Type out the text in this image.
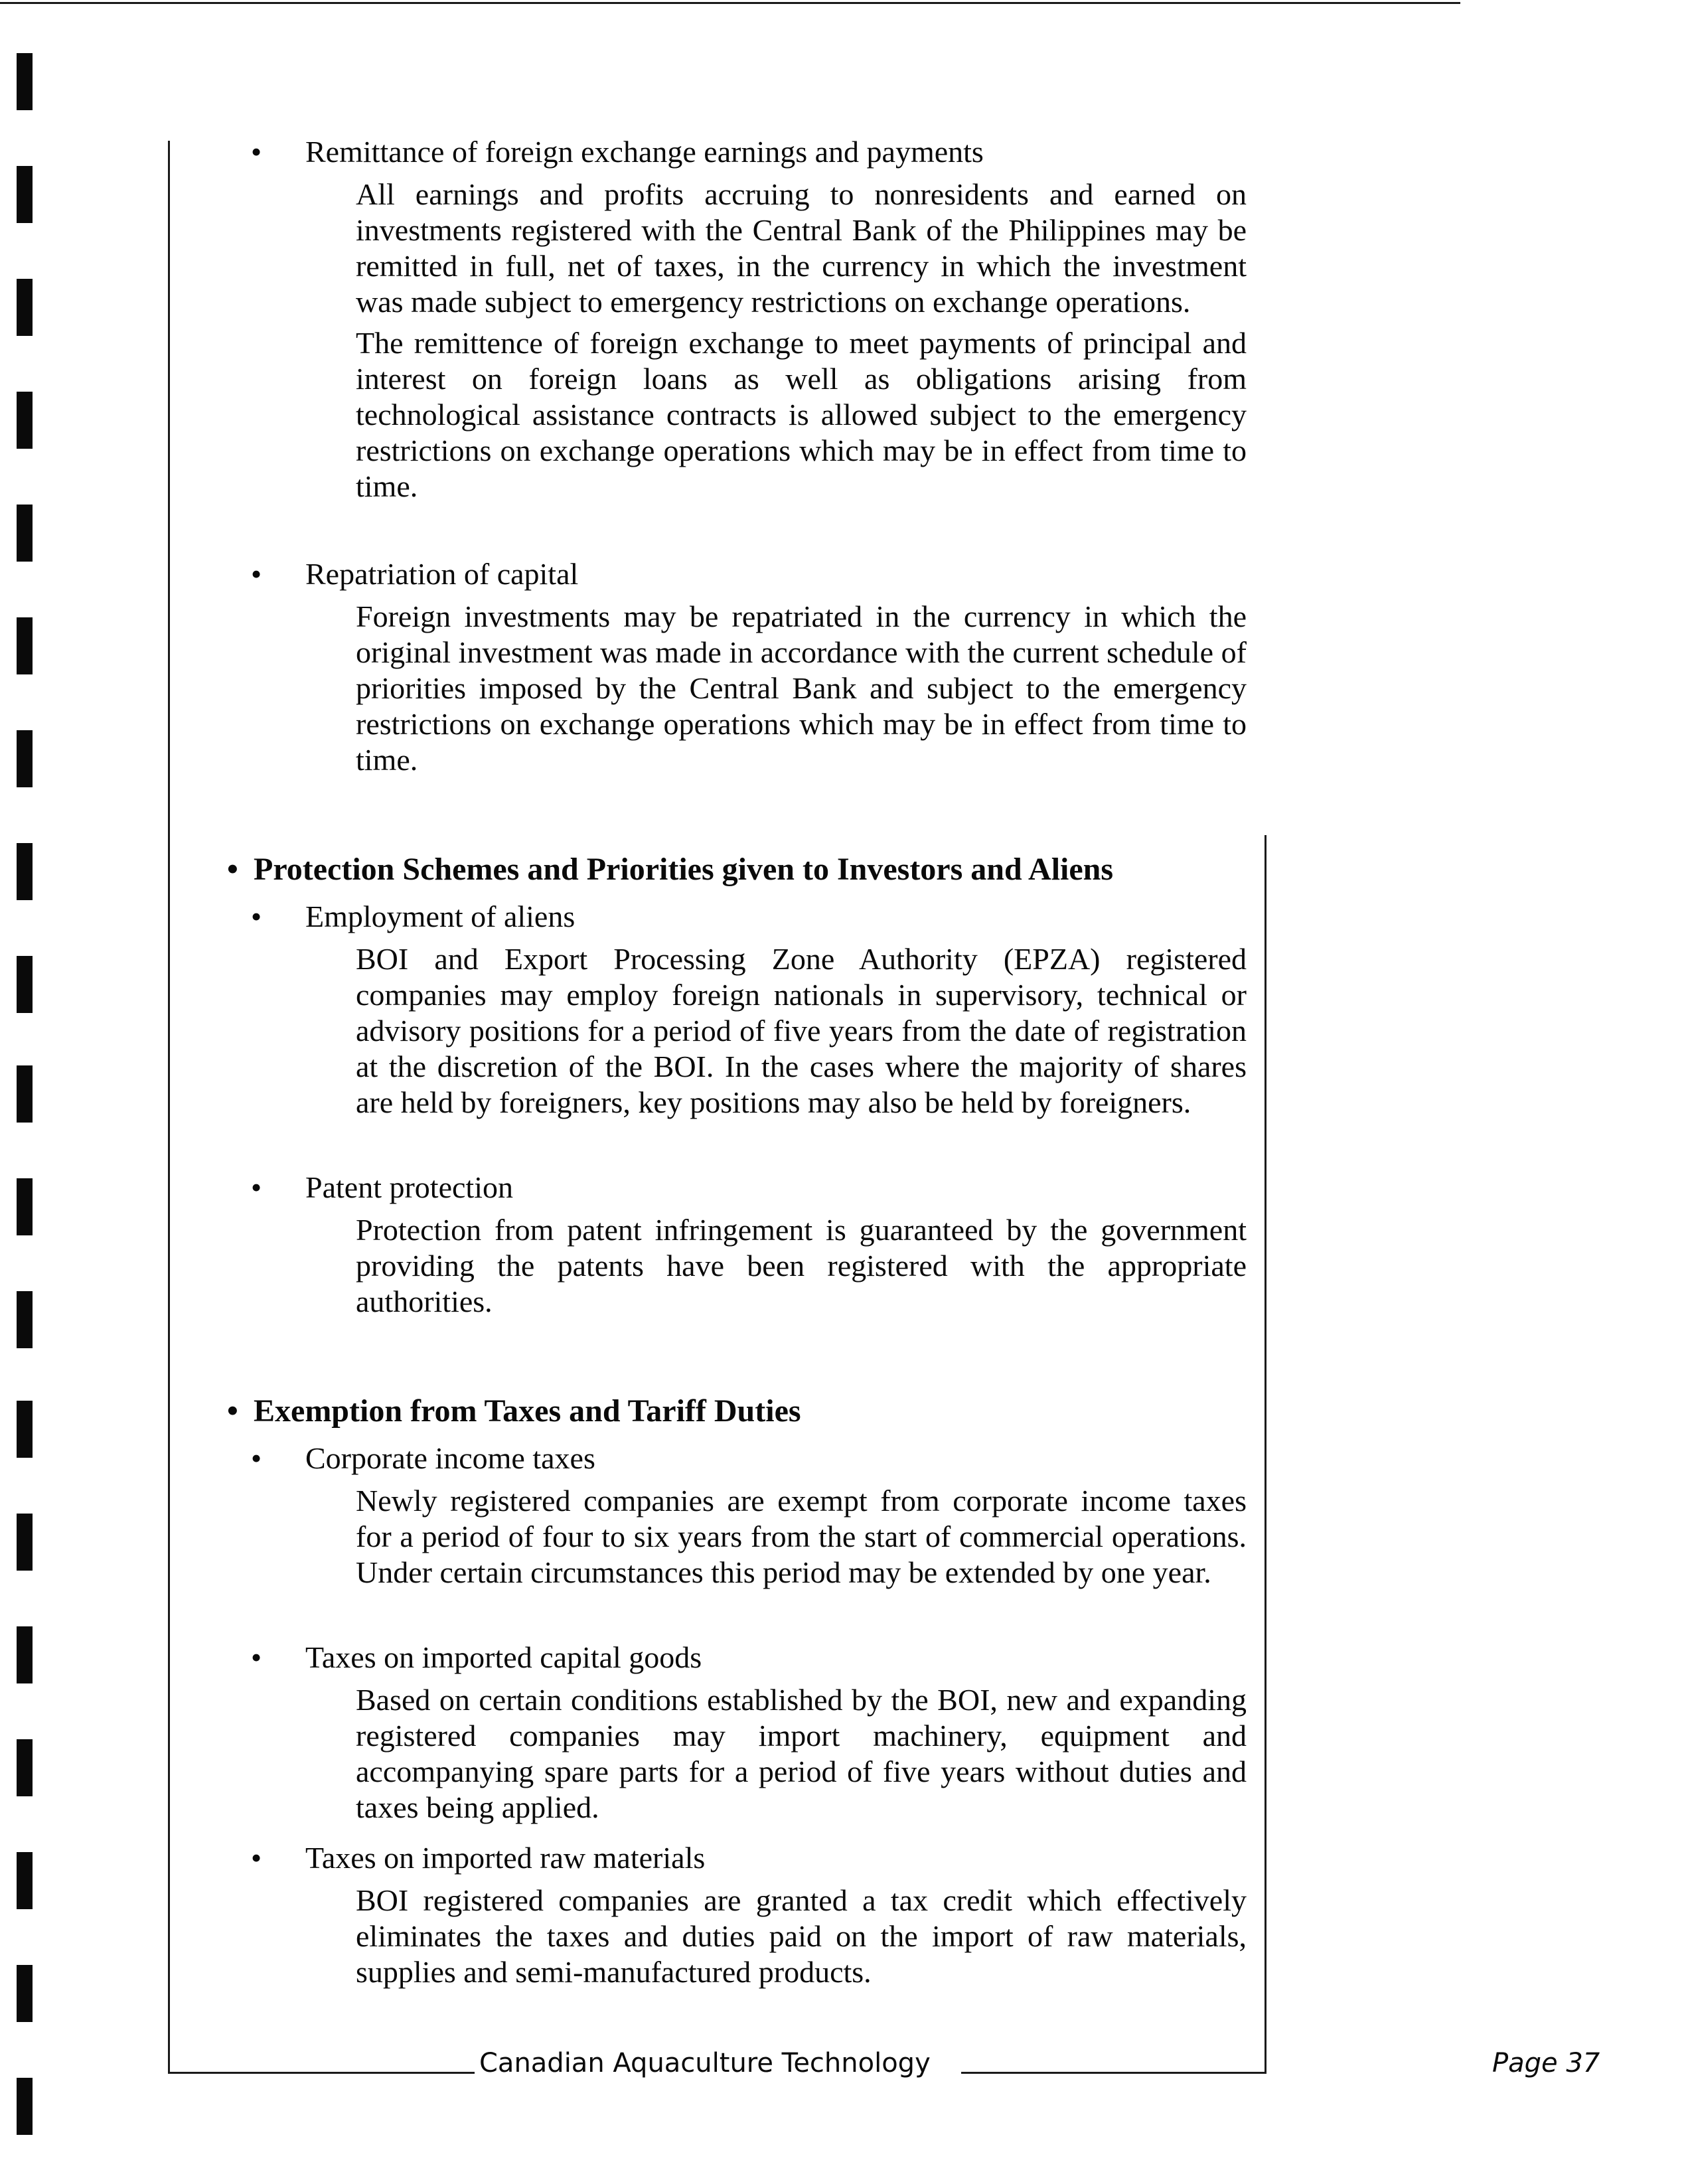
• Remittance of foreign exchange earnings and payments

All earnings and profits accruing to nonresidents and earned on investments registered with the Central Bank of the Philippines may be remitted in full, net of taxes, in the currency in which the investment was made subject to emergency restrictions on exchange operations.

The remittence of foreign exchange to meet payments of principal and interest on foreign loans as well as obligations arising from technological assistance contracts is allowed subject to the emergency restrictions on exchange operations which may be in effect from time to time.

• Repatriation of capital

Foreign investments may be repatriated in the currency in which the original investment was made in accordance with the current schedule of priorities imposed by the Central Bank and subject to the emergency restrictions on exchange operations which may be in effect from time to time.

• Protection Schemes and Priorities given to Investors and Aliens
• Employment of aliens

BOI and Export Processing Zone Authority (EPZA) registered companies may employ foreign nationals in supervisory, technical or advisory positions for a period of five years from the date of registration at the discretion of the BOI. In the cases where the majority of shares are held by foreigners, key positions may also be held by foreigners.

• Patent protection

Protection from patent infringement is guaranteed by the government providing the patents have been registered with the appropriate authorities.

• Exemption from Taxes and Tariff Duties
• Corporate income taxes

Newly registered companies are exempt from corporate income taxes for a period of four to six years from the start of commercial operations. Under certain circumstances this period may be extended by one year.

• Taxes on imported capital goods

Based on certain conditions established by the BOI, new and expanding registered companies may import machinery, equipment and accompanying spare parts for a period of five years without duties and taxes being applied.

• Taxes on imported raw materials

BOI registered companies are granted a tax credit which effectively eliminates the taxes and duties paid on the import of raw materials, supplies and semi-manufactured products.

Canadian Aquaculture Technology	Page 37
